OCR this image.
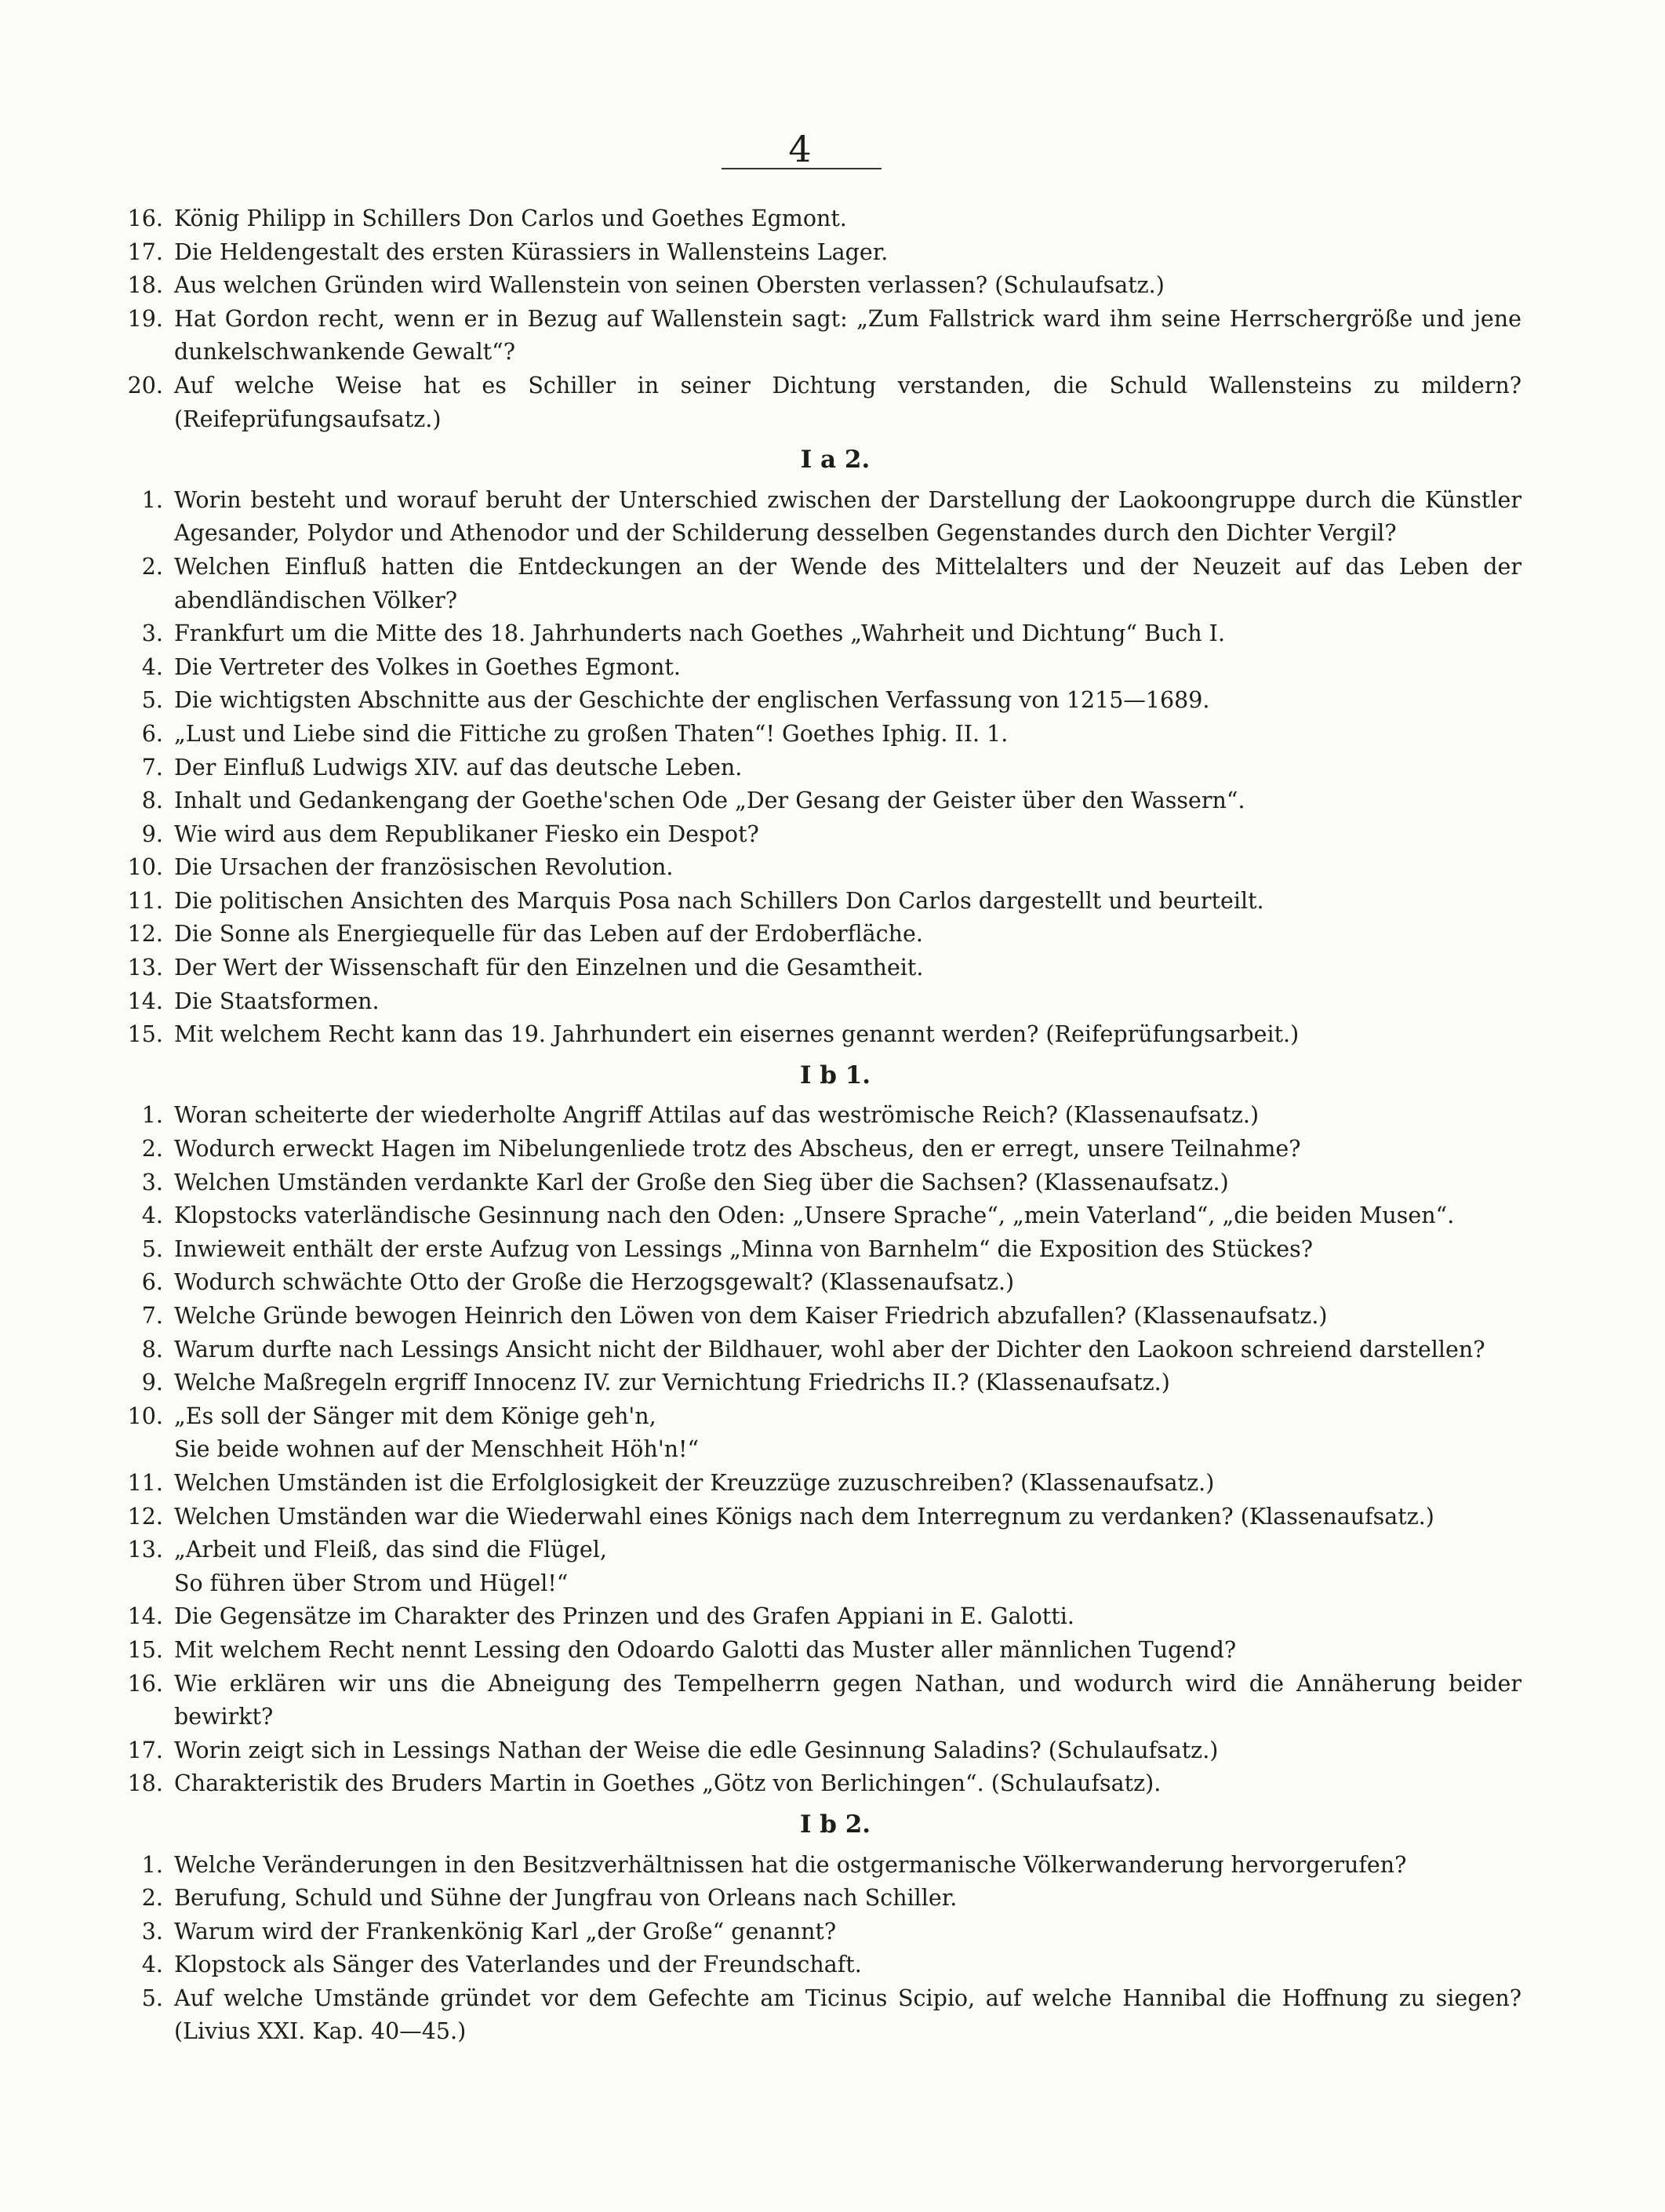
4
16. König Philipp in Schillers Don Carlos und Goethes Egmont.
17. Die Heldengestalt des ersten Kürassiers in Wallensteins Lager.
18. Aus welchen Gründen wird Wallenstein von seinen Obersten verlassen? (Schulaufsatz.)
19. Hat Gordon recht, wenn er in Bezug auf Wallenstein sagt: „Zum Fallstrick ward ihm seine Herrschergröße und jene dunkelschwankende Gewalt“?
20. Auf welche Weise hat es Schiller in seiner Dichtung verstanden, die Schuld Wallensteins zu mildern? (Reifeprüfungsaufsatz.)
I a 2.
1. Worin besteht und worauf beruht der Unterschied zwischen der Darstellung der Laokoongruppe durch die Künstler Agesander, Polydor und Athenodor und der Schilderung desselben Gegenstandes durch den Dichter Vergil?
2. Welchen Einfluß hatten die Entdeckungen an der Wende des Mittelalters und der Neuzeit auf das Leben der abendländischen Völker?
3. Frankfurt um die Mitte des 18. Jahrhunderts nach Goethes „Wahrheit und Dichtung“ Buch I.
4. Die Vertreter des Volkes in Goethes Egmont.
5. Die wichtigsten Abschnitte aus der Geschichte der englischen Verfassung von 1215—1689.
6. „Lust und Liebe sind die Fittiche zu großen Thaten“! Goethes Iphig. II. 1.
7. Der Einfluß Ludwigs XIV. auf das deutsche Leben.
8. Inhalt und Gedankengang der Goethe'schen Ode „Der Gesang der Geister über den Wassern“.
9. Wie wird aus dem Republikaner Fiesko ein Despot?
10. Die Ursachen der französischen Revolution.
11. Die politischen Ansichten des Marquis Posa nach Schillers Don Carlos dargestellt und beurteilt.
12. Die Sonne als Energiequelle für das Leben auf der Erdoberfläche.
13. Der Wert der Wissenschaft für den Einzelnen und die Gesamtheit.
14. Die Staatsformen.
15. Mit welchem Recht kann das 19. Jahrhundert ein eisernes genannt werden? (Reifeprüfungsarbeit.)
I b 1.
1. Woran scheiterte der wiederholte Angriff Attilas auf das weströmische Reich? (Klassenaufsatz.)
2. Wodurch erweckt Hagen im Nibelungenliede trotz des Abscheus, den er erregt, unsere Teilnahme?
3. Welchen Umständen verdankte Karl der Große den Sieg über die Sachsen? (Klassenaufsatz.)
4. Klopstocks vaterländische Gesinnung nach den Oden: „Unsere Sprache“, „mein Vaterland“, „die beiden Musen“.
5. Inwieweit enthält der erste Aufzug von Lessings „Minna von Barnhelm“ die Exposition des Stückes?
6. Wodurch schwächte Otto der Große die Herzogsgewalt? (Klassenaufsatz.)
7. Welche Gründe bewogen Heinrich den Löwen von dem Kaiser Friedrich abzufallen? (Klassenaufsatz.)
8. Warum durfte nach Lessings Ansicht nicht der Bildhauer, wohl aber der Dichter den Laokoon schreiend darstellen?
9. Welche Maßregeln ergriff Innocenz IV. zur Vernichtung Friedrichs II.? (Klassenaufsatz.)
10. „Es soll der Sänger mit dem Könige geh'n,
Sie beide wohnen auf der Menschheit Höh'n!“
11. Welchen Umständen ist die Erfolglosigkeit der Kreuzzüge zuzuschreiben? (Klassenaufsatz.)
12. Welchen Umständen war die Wiederwahl eines Königs nach dem Interregnum zu verdanken? (Klassenaufsatz.)
13. „Arbeit und Fleiß, das sind die Flügel,
So führen über Strom und Hügel!“
14. Die Gegensätze im Charakter des Prinzen und des Grafen Appiani in E. Galotti.
15. Mit welchem Recht nennt Lessing den Odoardo Galotti das Muster aller männlichen Tugend?
16. Wie erklären wir uns die Abneigung des Tempelherrn gegen Nathan, und wodurch wird die Annäherung beider bewirkt?
17. Worin zeigt sich in Lessings Nathan der Weise die edle Gesinnung Saladins? (Schulaufsatz.)
18. Charakteristik des Bruders Martin in Goethes „Götz von Berlichingen“. (Schulaufsatz).
I b 2.
1. Welche Veränderungen in den Besitzverhältnissen hat die ostgermanische Völkerwanderung hervorgerufen?
2. Berufung, Schuld und Sühne der Jungfrau von Orleans nach Schiller.
3. Warum wird der Frankenkönig Karl „der Große“ genannt?
4. Klopstock als Sänger des Vaterlandes und der Freundschaft.
5. Auf welche Umstände gründet vor dem Gefechte am Ticinus Scipio, auf welche Hannibal die Hoffnung zu siegen? (Livius XXI. Kap. 40—45.)
